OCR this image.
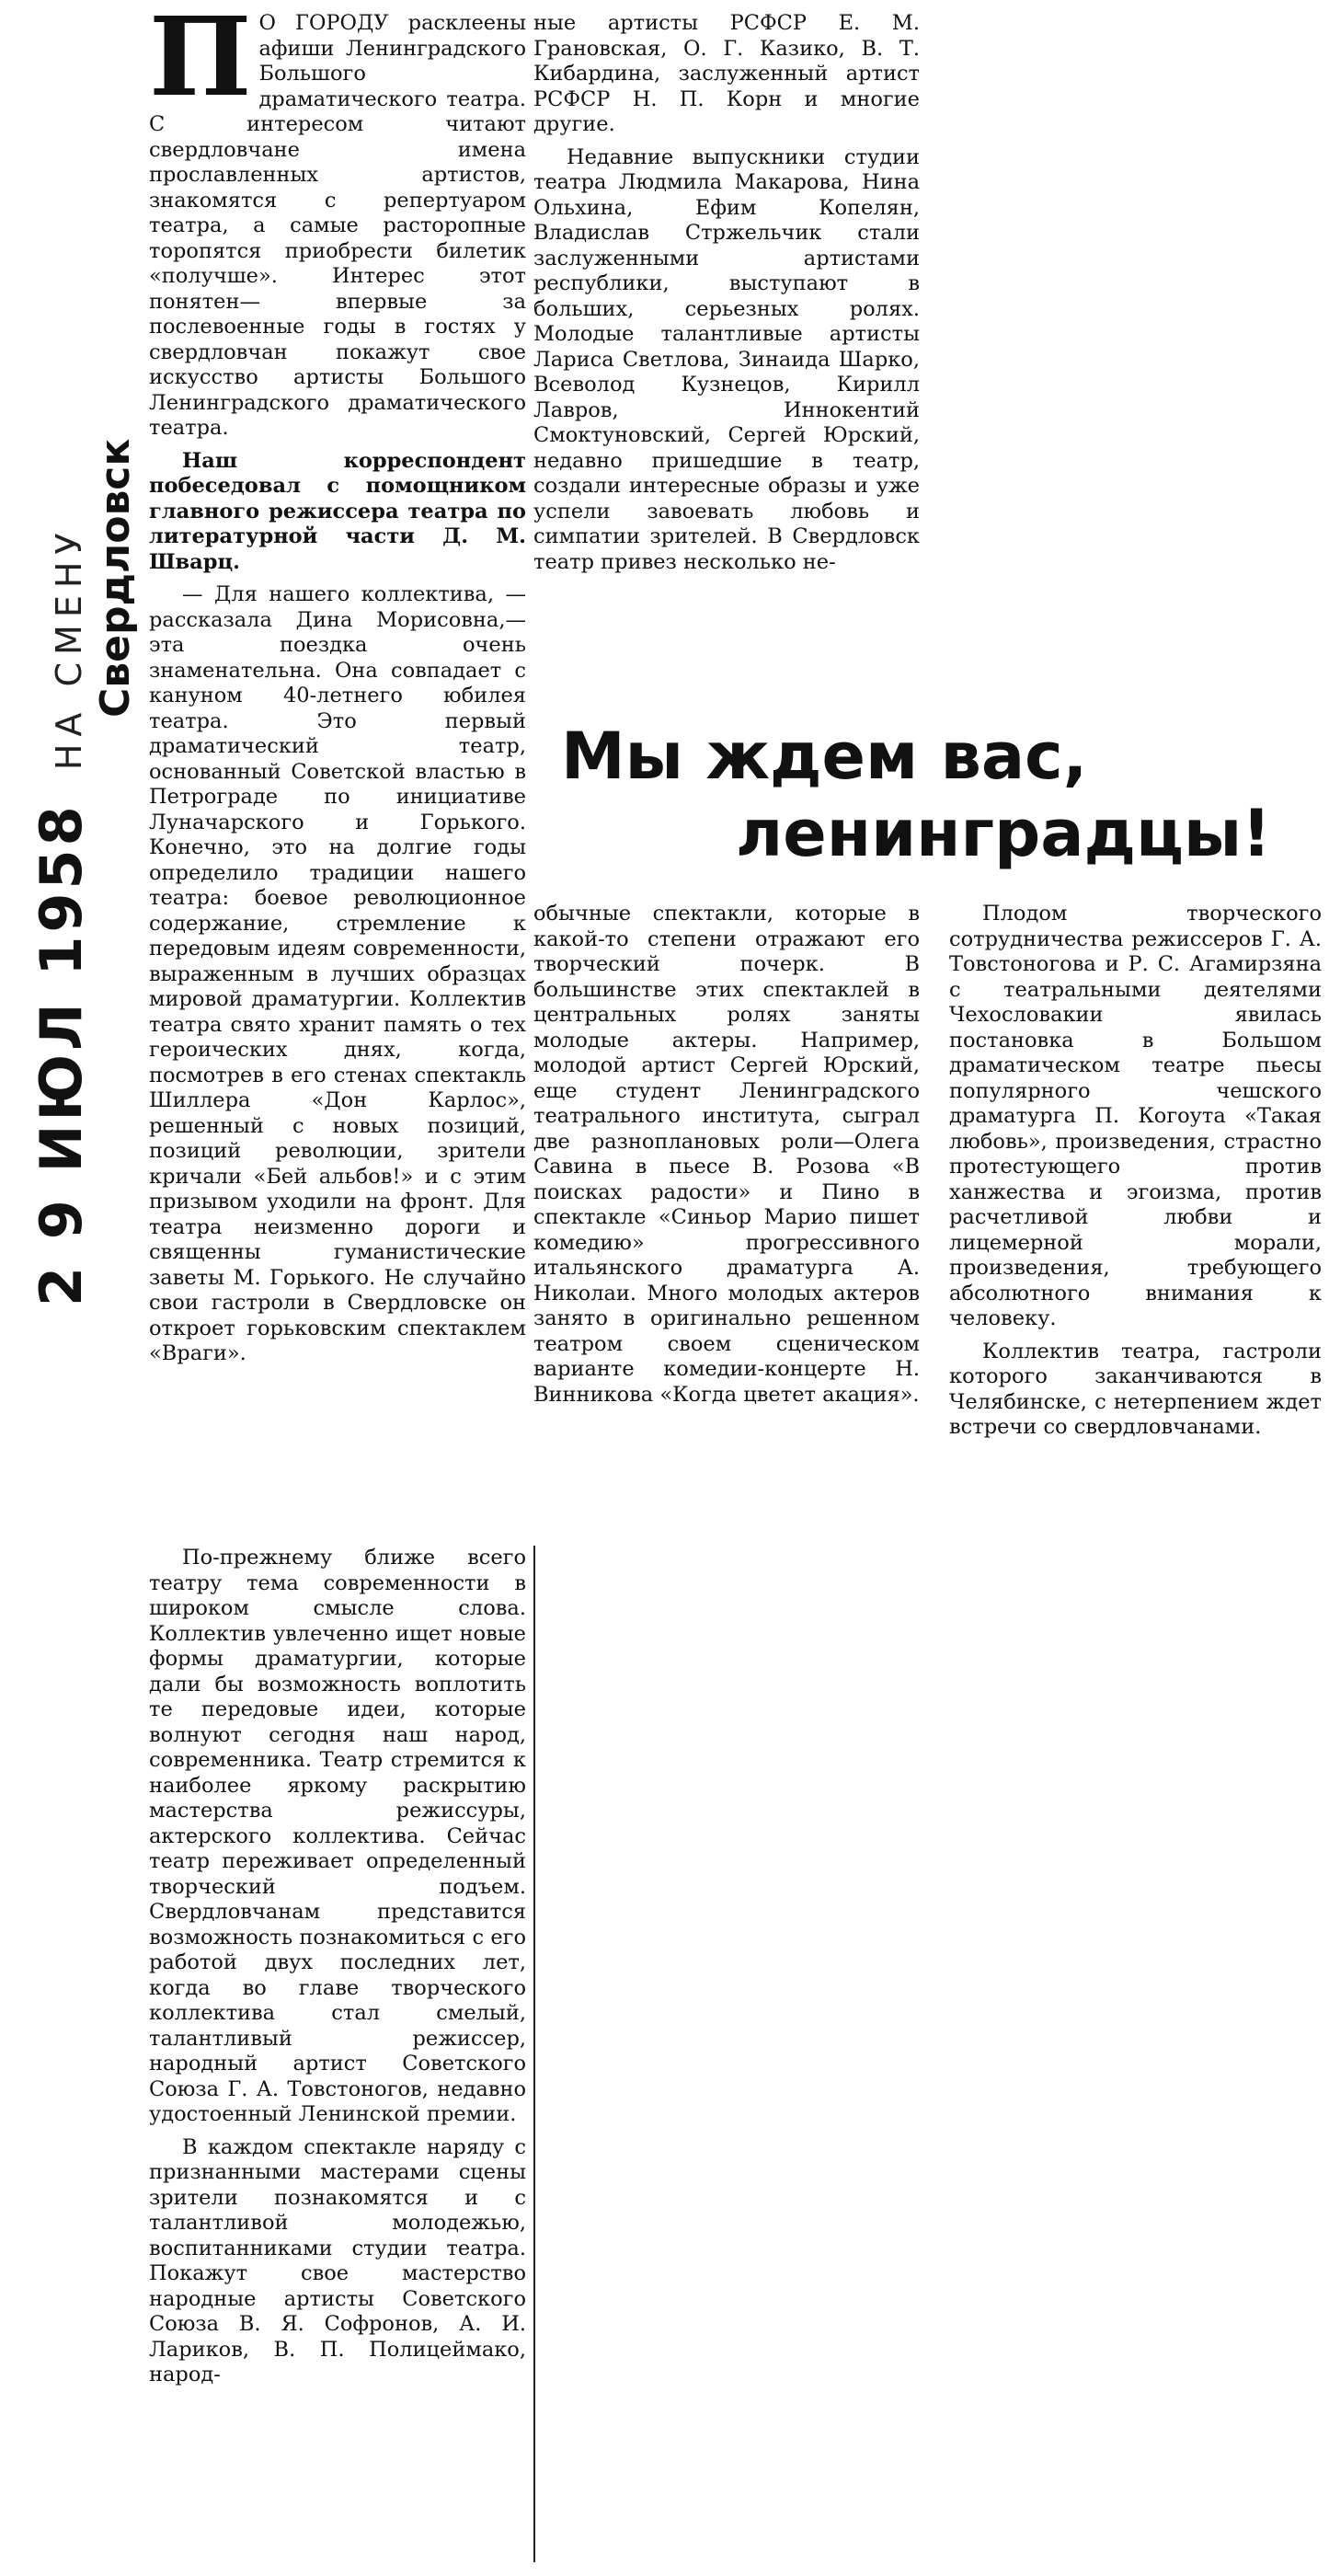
2 9 ИЮЛ 1958 НА СМЕНУ Свердловск

П О ГОРОДУ расклеены афиши Ленинградского Большого драматического театра. С интересом читают свердловчане имена прославленных артистов, знакомятся с репертуаром театра, а самые расторопные торопятся приобрести билетик «получше». Интерес этот понятен— впервые за послевоенные годы в гостях у свердловчан покажут свое искусство артисты Большого Ленинградского драматического театра.

Наш корреспондент побеседовал с помощником главного режиссера театра по литературной части Д. М. Шварц.

— Для нашего коллектива, — рассказала Дина Морисовна,—эта поездка очень знаменательна. Она совпадает с кануном 40-летнего юбилея театра. Это первый драматический театр, основанный Советской властью в Петрограде по инициативе Луначарского и Горького. Конечно, это на долгие годы определило традиции нашего театра: боевое революционное содержание, стремление к передовым идеям современности, выраженным в лучших образцах мировой драматургии. Коллектив театра свято хранит память о тех героических днях, когда, посмотрев в его стенах спектакль Шиллера «Дон Карлос», решенный с новых позиций, позиций революции, зрители кричали «Бей альбов!» и с этим призывом уходили на фронт. Для театра неизменно дороги и священны гуманистические заветы М. Горького. Не случайно свои гастроли в Свердловске он откроет горьковским спектаклем «Враги».

ные артисты РСФСР Е. М. Грановская, О. Г. Казико, В. Т. Кибардина, заслуженный артист РСФСР Н. П. Корн и многие другие.

Недавние выпускники студии театра Людмила Макарова, Нина Ольхина, Ефим Копелян, Владислав Стржельчик стали заслуженными артистами республики, выступают в больших, серьезных ролях. Молодые талантливые артисты Лариса Светлова, Зинаида Шарко, Всеволод Кузнецов, Кирилл Лавров, Иннокентий Смоктуновский, Сергей Юрский, недавно пришедшие в театр, создали интересные образы и уже успели завоевать любовь и симпатии зрителей. В Свердловск театр привез несколько не-

Мы ждем вас,
ленинградцы!

обычные спектакли, которые в какой-то степени отражают его творческий почерк. В большинстве этих спектаклей в центральных ролях заняты молодые актеры. Например, молодой артист Сергей Юрский, еще студент Ленинградского театрального института, сыграл две разноплановых роли—Олега Савина в пьесе В. Розова «В поисках радости» и Пино в спектакле «Синьор Марио пишет комедию» прогрессивного итальянского драматурга А. Николаи. Много молодых актеров занято в оригинально решенном театром своем сценическом варианте комедии-концерте Н. Винникова «Когда цветет акация».

Плодом творческого сотрудничества режиссеров Г. А. Товстоногова и Р. С. Агамирзяна с театральными деятелями Чехословакии явилась постановка в Большом драматическом театре пьесы популярного чешского драматурга П. Когоута «Такая любовь», произведения, страстно протестующего против ханжества и эгоизма, против расчетливой любви и лицемерной морали, произведения, требующего абсолютного внимания к человеку.

Коллектив театра, гастроли которого заканчиваются в Челябинске, с нетерпением ждет встречи со свердловчанами.

По-прежнему ближе всего театру тема современности в широком смысле слова. Коллектив увлеченно ищет новые формы драматургии, которые дали бы возможность воплотить те передовые идеи, которые волнуют сегодня наш народ, современника. Театр стремится к наиболее яркому раскрытию мастерства режиссуры, актерского коллектива. Сейчас театр переживает определенный творческий подъем. Свердловчанам представится возможность познакомиться с его работой двух последних лет, когда во главе творческого коллектива стал смелый, талантливый режиссер, народный артист Советского Союза Г. А. Товстоногов, недавно удостоенный Ленинской премии.

В каждом спектакле наряду с признанными мастерами сцены зрители познакомятся и с талантливой молодежью, воспитанниками студии театра. Покажут свое мастерство народные артисты Советского Союза В. Я. Софронов, А. И. Лариков, В. П. Полицеймако, народ-
